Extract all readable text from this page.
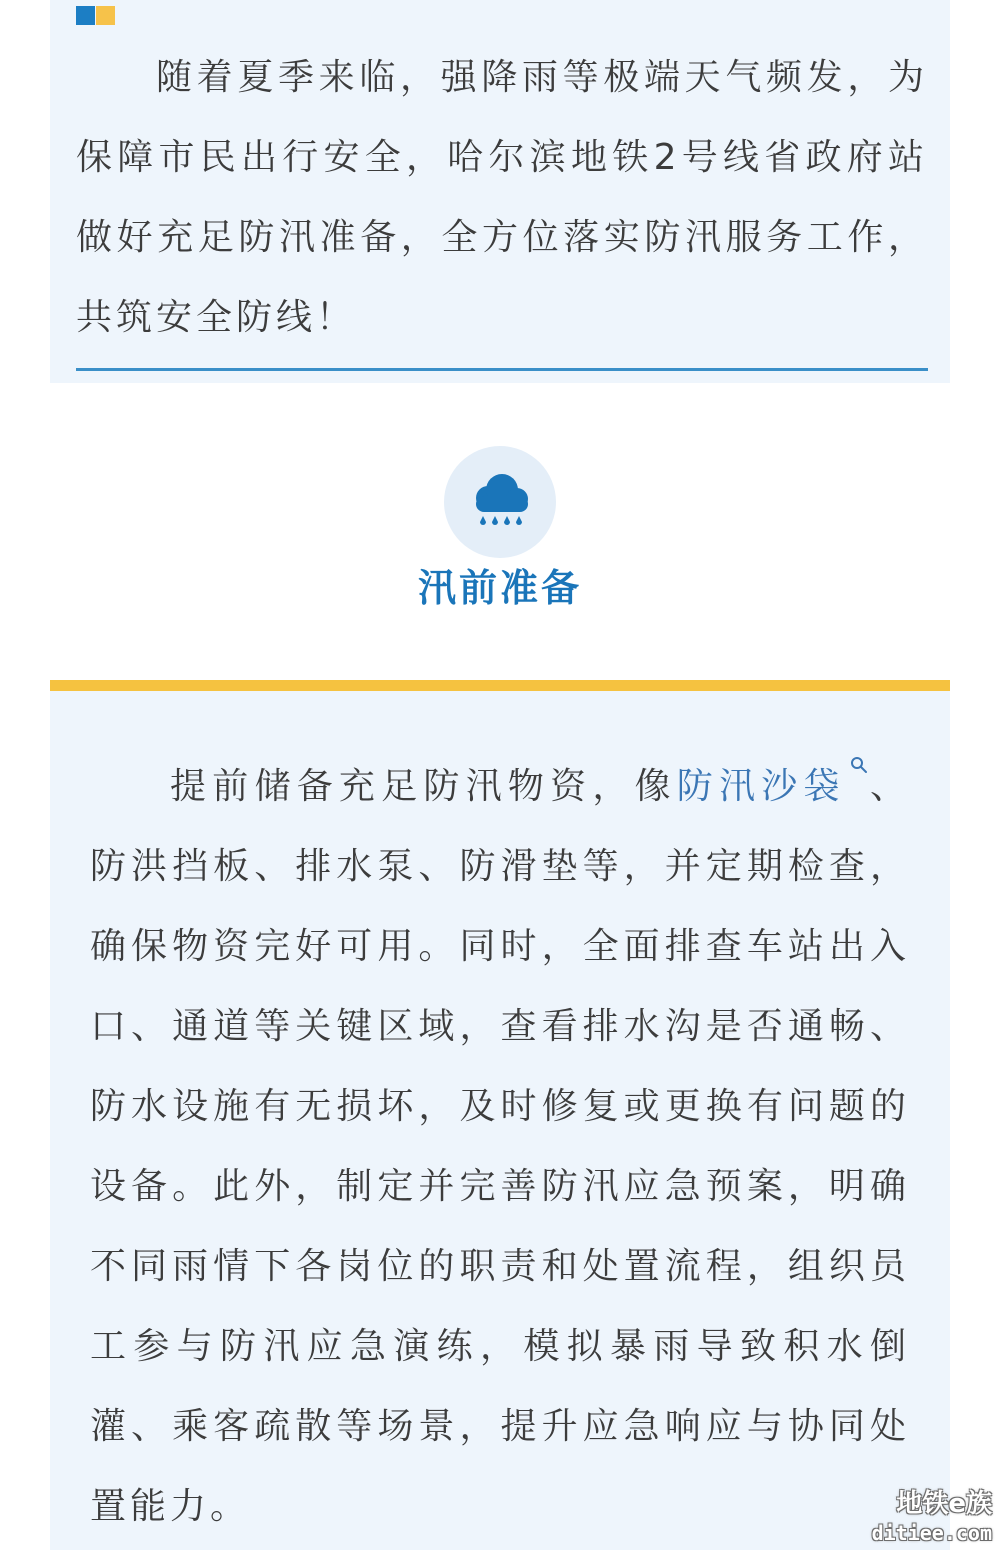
随着夏季来临，强降雨等极端天气频发，为保障市民出行安全，哈尔滨地铁2号线省政府站做好充足防汛准备，全方位落实防汛服务工作，共筑安全防线！

汛前准备

提前储备充足防汛物资，像防汛沙袋 、防洪挡板、排水泵、防滑垫等，并定期检查，确保物资完好可用。同时，全面排查车站出入口、通道等关键区域，查看排水沟是否通畅、防水设施有无损坏，及时修复或更换有问题的设备。此外，制定并完善防汛应急预案，明确不同雨情下各岗位的职责和处置流程，组织员工参与防汛应急演练，模拟暴雨导致积水倒灌、乘客疏散等场景，提升应急响应与协同处置能力。	地铁e族
ditiee.com
